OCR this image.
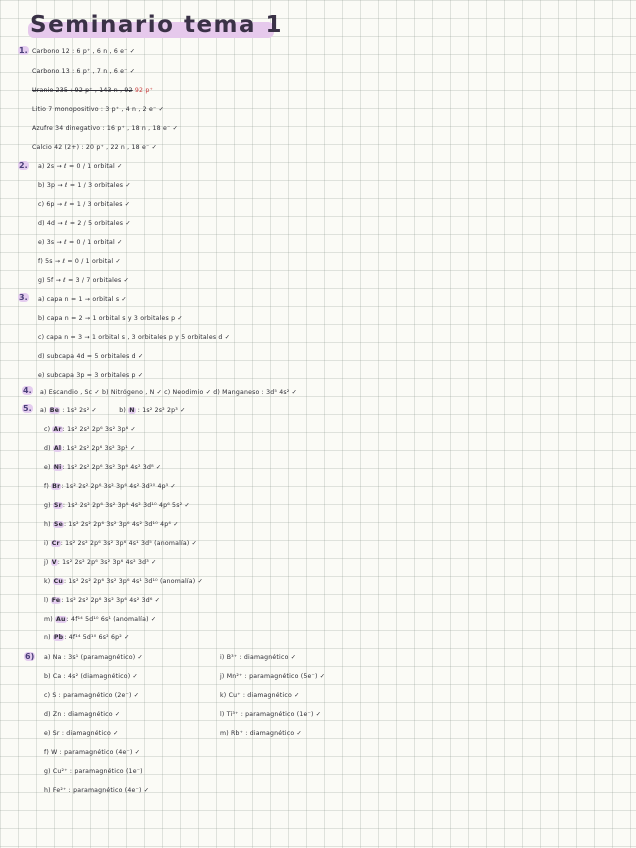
Seminario tema 1
1.
2.
3.
4.
5.
6)
Carbono 12 : 6 p⁺ , 6 n , 6 e⁻ ✓
Carbono 13 : 6 p⁺ , 7 n , 6 e⁻ ✓
Uranio 235 : 92 p⁺ , 143 n , 92 92 p⁺
Litio 7 monopositivo : 3 p⁺ , 4 n , 2 e⁻ ✓
Azufre 34 dinegativo : 16 p⁺ , 18 n , 18 e⁻ ✓
Calcio 42 (2+) : 20 p⁺ , 22 n , 18 e⁻ ✓
a) 2s → ℓ = 0 / 1 orbital ✓
b) 3p → ℓ = 1 / 3 orbitales ✓
c) 6p → ℓ = 1 / 3 orbitales ✓
d) 4d → ℓ = 2 / 5 orbitales ✓
e) 3s → ℓ = 0 / 1 orbital ✓
f) 5s → ℓ = 0 / 1 orbital ✓
g) 5f → ℓ = 3 / 7 orbitales ✓
a) capa n = 1 → orbital s ✓
b) capa n = 2 → 1 orbital s y 3 orbitales p ✓
c) capa n = 3 → 1 orbital s , 3 orbitales p y 5 orbitales d ✓
d) subcapa 4d = 5 orbitales d ✓
e) subcapa 3p = 3 orbitales p ✓
a) Escandio , Sc ✓ b) Nitrógeno , N ✓ c) Neodimio ✓ d) Manganeso : 3d⁵ 4s² ✓
a) Be : 1s² 2s² ✓	b) N : 1s² 2s² 2p³ ✓
c) Ar: 1s² 2s² 2p⁶ 3s² 3p⁶ ✓
d) Al: 1s² 2s² 2p⁶ 3s² 3p¹ ✓
e) Ni: 1s² 2s² 2p⁶ 3s² 3p⁶ 4s² 3d⁸ ✓
f) Br: 1s² 2s² 2p⁶ 3s² 3p⁶ 4s² 3d¹⁰ 4p⁵ ✓
g) Sr: 1s² 2s² 2p⁶ 3s² 3p⁶ 4s² 3d¹⁰ 4p⁶ 5s² ✓
h) Se: 1s² 2s² 2p⁶ 3s² 3p⁶ 4s² 3d¹⁰ 4p⁴ ✓
i) Cr: 1s² 2s² 2p⁶ 3s² 3p⁶ 4s¹ 3d⁵ (anomalía) ✓
j) V: 1s² 2s² 2p⁶ 3s² 3p⁶ 4s² 3d³ ✓
k) Cu: 1s² 2s² 2p⁶ 3s² 3p⁶ 4s¹ 3d¹⁰ (anomalía) ✓
l) Fe: 1s² 2s² 2p⁶ 3s² 3p⁶ 4s² 3d⁶ ✓
m) Au: 4f¹⁴ 5d¹⁰ 6s¹ (anomalía) ✓
n) Pb: 4f¹⁴ 5d¹⁰ 6s² 6p² ✓
a) Na : 3s¹ (paramagnético) ✓
b) Ca : 4s² (diamagnético) ✓
c) S : paramagnético (2e⁻) ✓
d) Zn : diamagnético ✓
e) Sr : diamagnético ✓
f) W : paramagnético (4e⁻) ✓
g) Cu²⁺ : paramagnético (1e⁻)
h) Fe²⁺ : paramagnético (4e⁻) ✓
i) B³⁺ : diamagnético ✓
j) Mn²⁺ : paramagnético (5e⁻) ✓
k) Cu⁺ : diamagnético ✓
l) Ti³⁺ : paramagnético (1e⁻) ✓
m) Rb⁺ : diamagnético ✓
